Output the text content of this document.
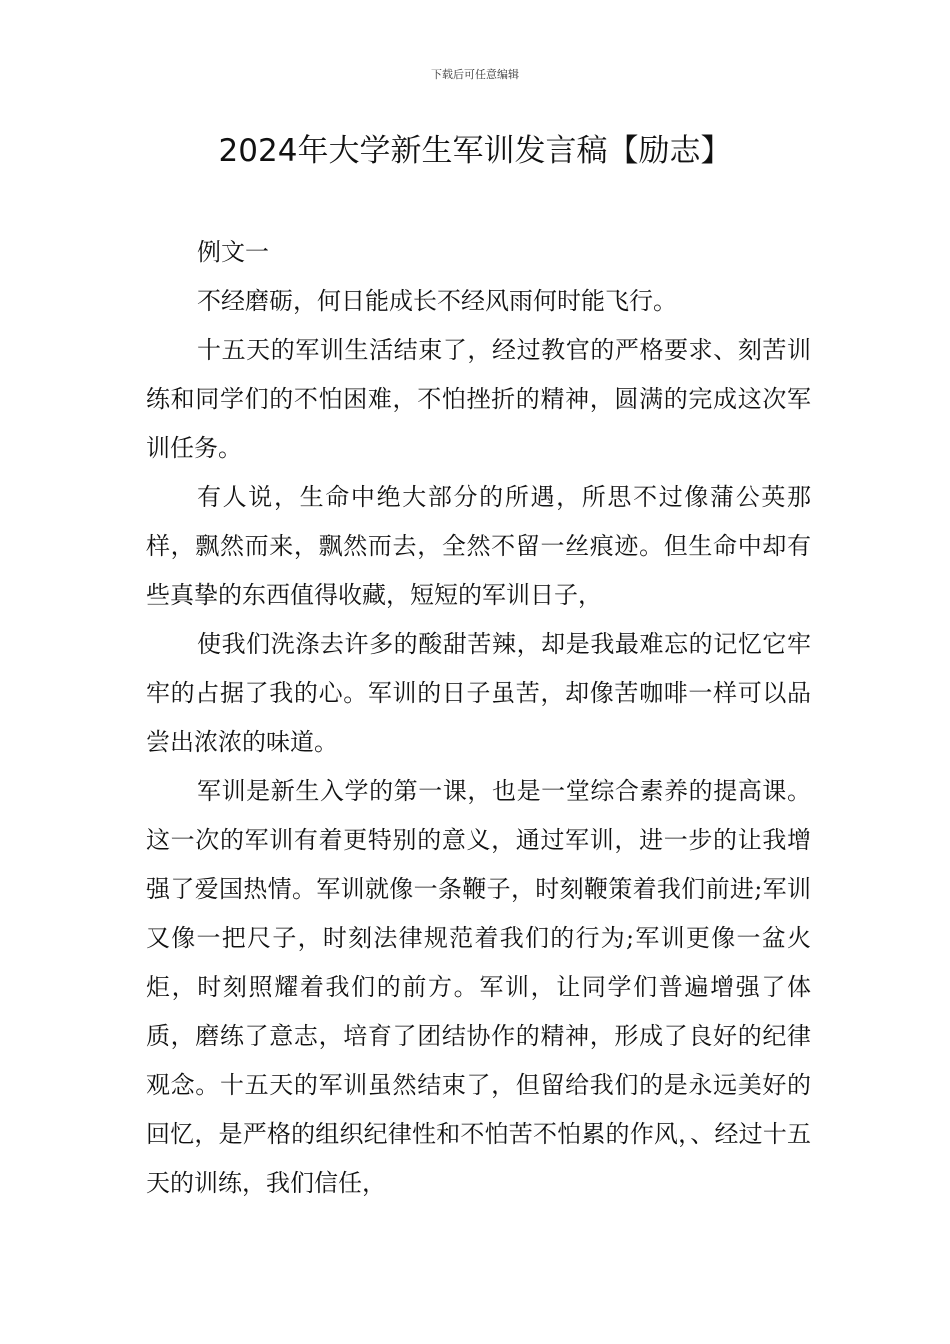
下载后可任意编辑
2024年大学新生军训发言稿【励志】

例文一

不经磨砺，何日能成长不经风雨何时能飞行。

十五天的军训生活结束了，经过教官的严格要求、刻苦训练和同学们的不怕困难，不怕挫折的精神，圆满的完成这次军训任务。

有人说，生命中绝大部分的所遇，所思不过像蒲公英那样，飘然而来，飘然而去，全然不留一丝痕迹。但生命中却有些真挚的东西值得收藏，短短的军训日子，

使我们洗涤去许多的酸甜苦辣，却是我最难忘的记忆它牢牢的占据了我的心。军训的日子虽苦，却像苦咖啡一样可以品尝出浓浓的味道。

军训是新生入学的第一课，也是一堂综合素养的提高课。这一次的军训有着更特别的意义，通过军训，进一步的让我增强了爱国热情。军训就像一条鞭子，时刻鞭策着我们前进;军训又像一把尺子，时刻法律规范着我们的行为;军训更像一盆火炬，时刻照耀着我们的前方。军训，让同学们普遍增强了体质，磨练了意志，培育了团结协作的精神，形成了良好的纪律观念。十五天的军训虽然结束了，但留给我们的是永远美好的回忆，是严格的组织纪律性和不怕苦不怕累的作风，、经过十五天的训练，我们信任，
